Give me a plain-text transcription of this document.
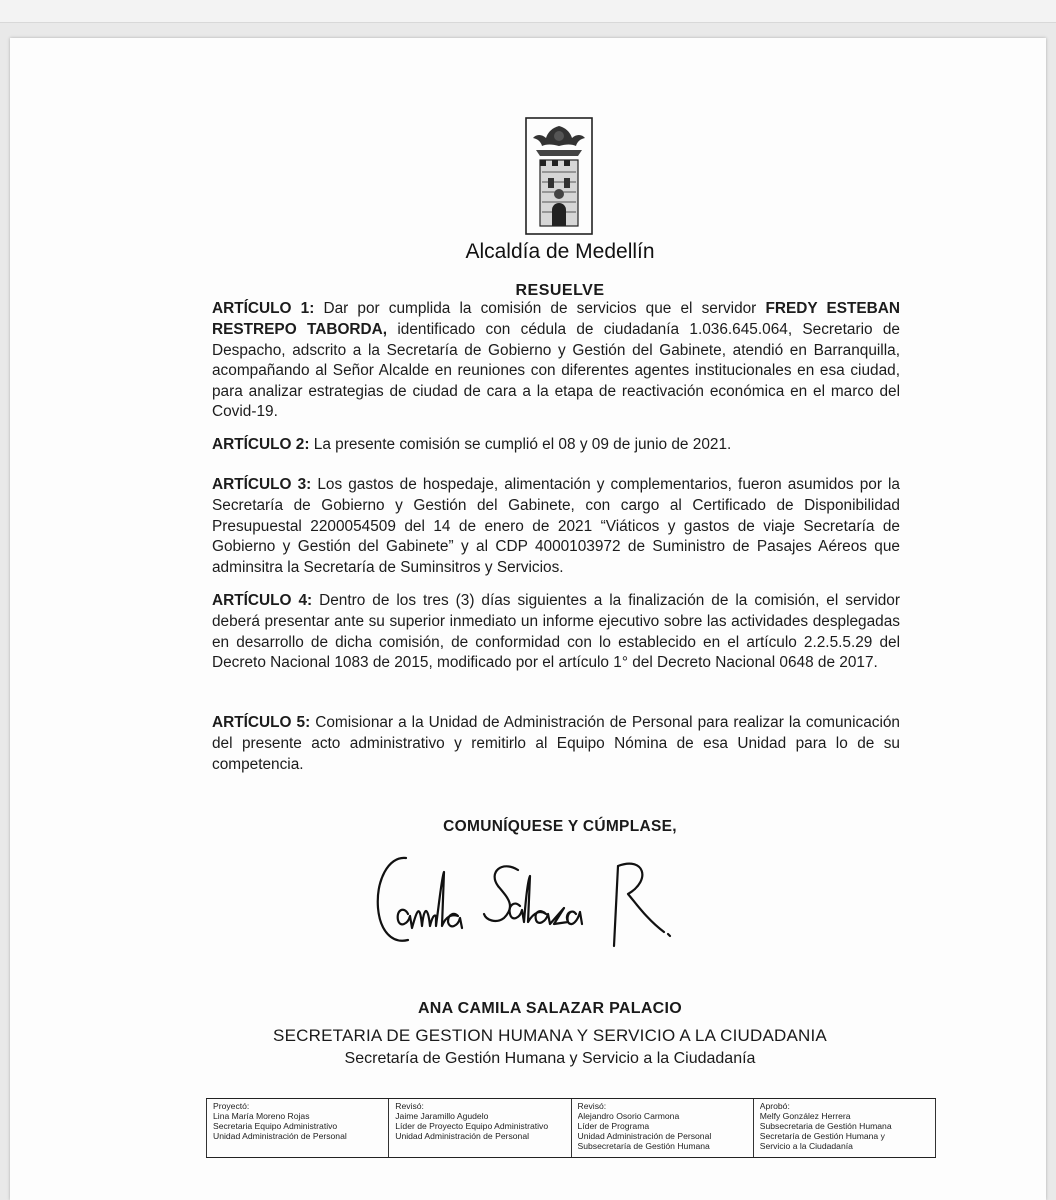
Alcaldía de Medellín
RESUELVE

ARTÍCULO 1: Dar por cumplida la comisión de servicios que el servidor FREDY ESTEBAN RESTREPO TABORDA, identificado con cédula de ciudadanía 1.036.645.064, Secretario de Despacho, adscrito a la Secretaría de Gobierno y Gestión del Gabinete, atendió en Barranquilla, acompañando al Señor Alcalde en reuniones con diferentes agentes institucionales en esa ciudad, para analizar estrategias de ciudad de cara a la etapa de reactivación económica en el marco del Covid-19.

ARTÍCULO 2: La presente comisión se cumplió el 08 y 09 de junio de 2021.

ARTÍCULO 3: Los gastos de hospedaje, alimentación y complementarios, fueron asumidos por la Secretaría de Gobierno y Gestión del Gabinete, con cargo al Certificado de Disponibilidad Presupuestal 2200054509 del 14 de enero de 2021 “Viáticos y gastos de viaje Secretaría de Gobierno y Gestión del Gabinete” y al CDP 4000103972 de Suministro de Pasajes Aéreos que adminsitra la Secretaría de Suminsitros y Servicios.

ARTÍCULO 4: Dentro de los tres (3) días siguientes a la finalización de la comisión, el servidor deberá presentar ante su superior inmediato un informe ejecutivo sobre las actividades desplegadas en desarrollo de dicha comisión, de conformidad con lo establecido en el artículo 2.2.5.5.29 del Decreto Nacional 1083 de 2015, modificado por el artículo 1° del Decreto Nacional 0648 de 2017.

ARTÍCULO 5: Comisionar a la Unidad de Administración de Personal para realizar la comunicación del presente acto administrativo y remitirlo al Equipo Nómina de esa Unidad para lo de su competencia.

COMUNÍQUESE Y CÚMPLASE,
ANA CAMILA SALAZAR PALACIO
SECRETARIA DE GESTION HUMANA Y SERVICIO A LA CIUDADANIA
Secretaría de Gestión Humana y Servicio a la Ciudadanía
Proyectó:
Lina María Moreno Rojas
Secretaria Equipo Administrativo
Unidad Administración de Personal
Revisó:
Jaime Jaramillo Agudelo
Líder de Proyecto Equipo Administrativo
Unidad Administración de Personal
Revisó:
Alejandro Osorio Carmona
Líder de Programa
Unidad Administración de Personal
Subsecretaría de Gestión Humana
Aprobó:
Melfy González Herrera
Subsecretaria de Gestión Humana
Secretaría de Gestión Humana y
Servicio a la Ciudadanía
